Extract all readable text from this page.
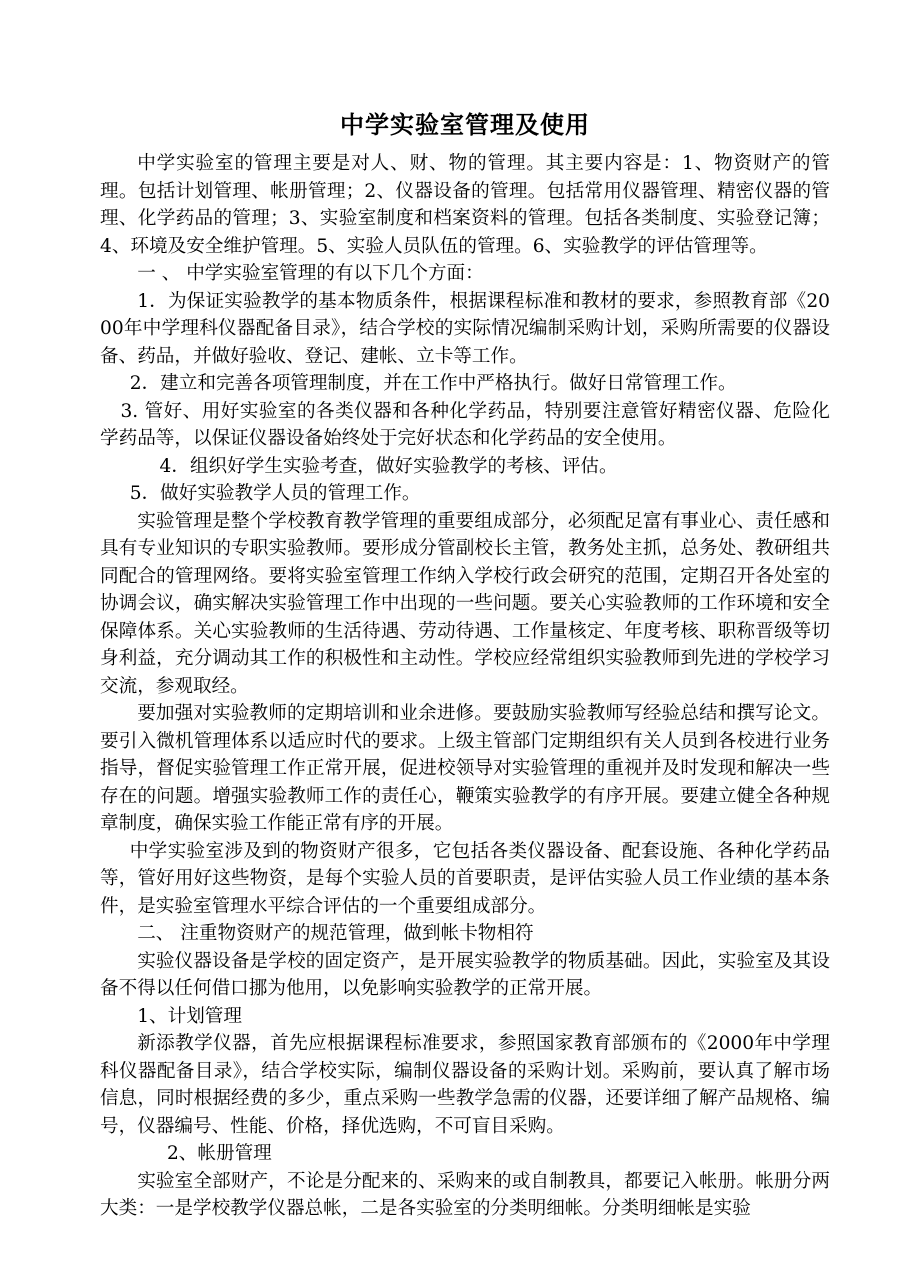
中学实验室管理及使用

中学实验室的管理主要是对人、财、物的管理。其主要内容是：1、物资财产的管理。包括计划管理、帐册管理；2、仪器设备的管理。包括常用仪器管理、精密仪器的管理、化学药品的管理；3、实验室制度和档案资料的管理。包括各类制度、实验登记簿；4、环境及安全维护管理。5、实验人员队伍的管理。6、实验教学的评估管理等。

一 、 中学实验室管理的有以下几个方面：

1．为保证实验教学的基本物质条件，根据课程标准和教材的要求，参照教育部《2000年中学理科仪器配备目录》，结合学校的实际情况编制采购计划，采购所需要的仪器设备、药品，并做好验收、登记、建帐、立卡等工作。

2．建立和完善各项管理制度，并在工作中严格执行。做好日常管理工作。

3. 管好、用好实验室的各类仪器和各种化学药品，特别要注意管好精密仪器、危险化学药品等，以保证仪器设备始终处于完好状态和化学药品的安全使用。

4．组织好学生实验考查，做好实验教学的考核、评估。

5．做好实验教学人员的管理工作。

实验管理是整个学校教育教学管理的重要组成部分，必须配足富有事业心、责任感和具有专业知识的专职实验教师。要形成分管副校长主管，教务处主抓，总务处、教研组共同配合的管理网络。要将实验室管理工作纳入学校行政会研究的范围，定期召开各处室的协调会议，确实解决实验管理工作中出现的一些问题。要关心实验教师的工作环境和安全保障体系。关心实验教师的生活待遇、劳动待遇、工作量核定、年度考核、职称晋级等切身利益，充分调动其工作的积极性和主动性。学校应经常组织实验教师到先进的学校学习交流，参观取经。

要加强对实验教师的定期培训和业余进修。要鼓励实验教师写经验总结和撰写论文。要引入微机管理体系以适应时代的要求。上级主管部门定期组织有关人员到各校进行业务指导，督促实验管理工作正常开展，促进校领导对实验管理的重视并及时发现和解决一些存在的问题。增强实验教师工作的责任心，鞭策实验教学的有序开展。要建立健全各种规章制度，确保实验工作能正常有序的开展。

中学实验室涉及到的物资财产很多，它包括各类仪器设备、配套设施、各种化学药品等，管好用好这些物资，是每个实验人员的首要职责，是评估实验人员工作业绩的基本条件，是实验室管理水平综合评估的一个重要组成部分。

二、 注重物资财产的规范管理，做到帐卡物相符

实验仪器设备是学校的固定资产，是开展实验教学的物质基础。因此，实验室及其设备不得以任何借口挪为他用，以免影响实验教学的正常开展。

1、计划管理

新添教学仪器，首先应根据课程标准要求，参照国家教育部颁布的《2000年中学理科仪器配备目录》，结合学校实际，编制仪器设备的采购计划。采购前，要认真了解市场信息，同时根据经费的多少，重点采购一些教学急需的仪器，还要详细了解产品规格、编号，仪器编号、性能、价格，择优选购，不可盲目采购。

2、帐册管理

实验室全部财产，不论是分配来的、采购来的或自制教具，都要记入帐册。帐册分两大类：一是学校教学仪器总帐，二是各实验室的分类明细帐。分类明细帐是实验
